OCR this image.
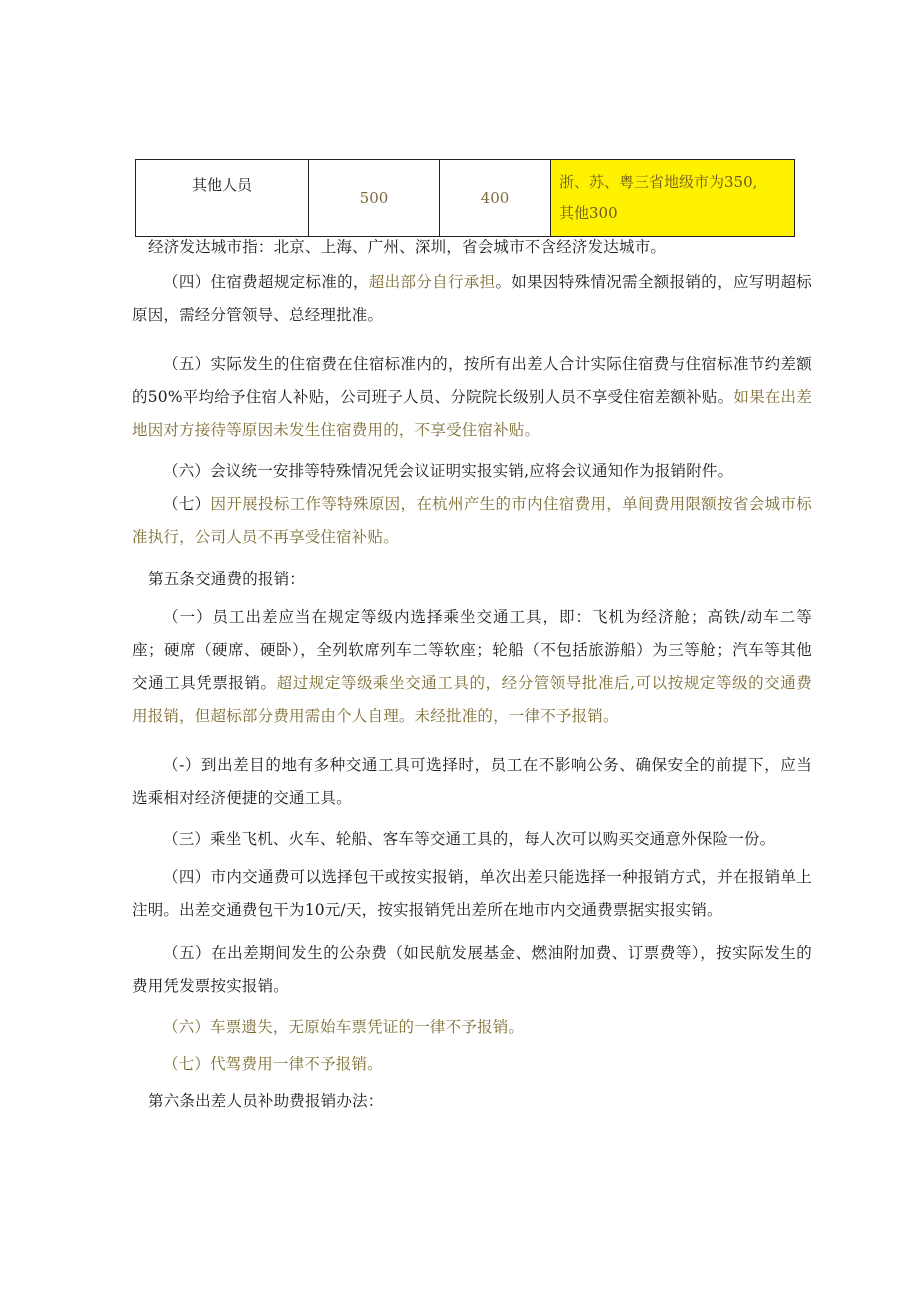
其他人员	500	400	浙、苏、粤三省地级市为350,
其他300

经济发达城市指：北京、上海、广州、深圳，省会城市不含经济发达城市。

（四）住宿费超规定标准的，超出部分自行承担。如果因特殊情况需全额报销的，应写明超标原因，需经分管领导、总经理批准。

（五）实际发生的住宿费在住宿标准内的，按所有出差人合计实际住宿费与住宿标准节约差额的50%平均给予住宿人补贴，公司班子人员、分院院长级别人员不享受住宿差额补贴。如果在出差地因对方接待等原因未发生住宿费用的，不享受住宿补贴。

（六）会议统一安排等特殊情况凭会议证明实报实销,应将会议通知作为报销附件。

（七）因开展投标工作等特殊原因，在杭州产生的市内住宿费用，单间费用限额按省会城市标准执行，公司人员不再享受住宿补贴。

第五条交通费的报销：

（一）员工出差应当在规定等级内选择乘坐交通工具，即：飞机为经济舱；高铁/动车二等座；硬席（硬席、硬卧），全列软席列车二等软座；轮船（不包括旅游船）为三等舱；汽车等其他交通工具凭票报销。超过规定等级乘坐交通工具的，经分管领导批准后,可以按规定等级的交通费用报销，但超标部分费用需由个人自理。未经批准的，一律不予报销。

（-）到出差目的地有多种交通工具可选择时，员工在不影响公务、确保安全的前提下，应当选乘相对经济便捷的交通工具。

（三）乘坐飞机、火车、轮船、客车等交通工具的，每人次可以购买交通意外保险一份。

（四）市内交通费可以选择包干或按实报销，单次出差只能选择一种报销方式，并在报销单上注明。出差交通费包干为10元/天，按实报销凭出差所在地市内交通费票据实报实销。

（五）在出差期间发生的公杂费（如民航发展基金、燃油附加费、订票费等），按实际发生的费用凭发票按实报销。

（六）车票遗失，无原始车票凭证的一律不予报销。

（七）代驾费用一律不予报销。

第六条出差人员补助费报销办法：
